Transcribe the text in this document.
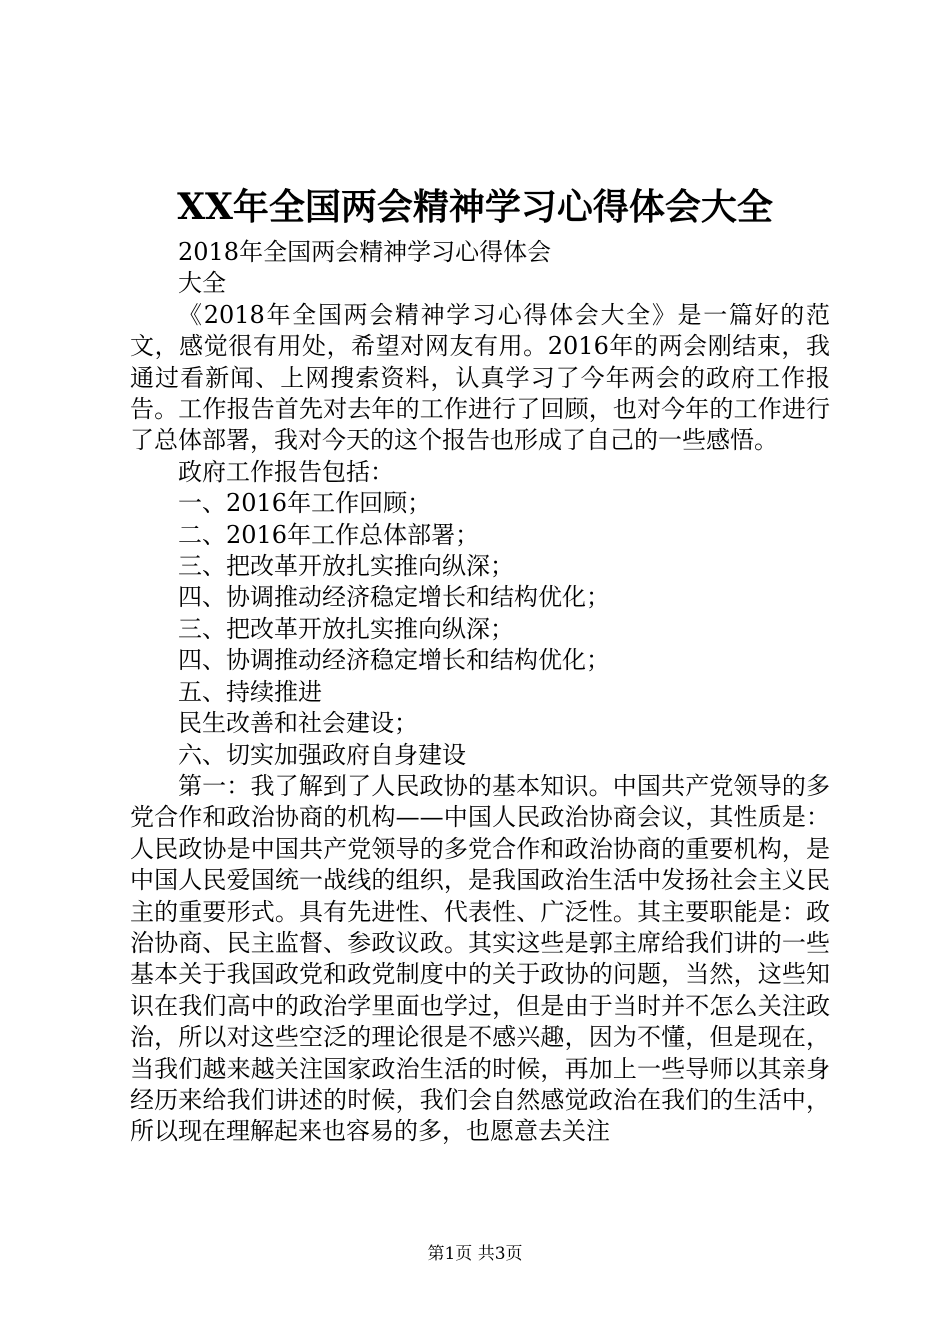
XX年全国两会精神学习心得体会大全
2018年全国两会精神学习心得体会
大全

《2018年全国两会精神学习心得体会大全》是一篇好的范文，感觉很有用处，希望对网友有用。2016年的两会刚结束，我通过看新闻、上网搜索资料，认真学习了今年两会的政府工作报告。工作报告首先对去年的工作进行了回顾，也对今年的工作进行了总体部署，我对今天的这个报告也形成了自己的一些感悟。

政府工作报告包括：
一、2016年工作回顾；
二、2016年工作总体部署；
三、把改革开放扎实推向纵深；
四、协调推动经济稳定增长和结构优化；
三、把改革开放扎实推向纵深；
四、协调推动经济稳定增长和结构优化；
五、持续推进
民生改善和社会建设；
六、切实加强政府自身建设

第一：我了解到了人民政协的基本知识。中国共产党领导的多党合作和政治协商的机构——中国人民政治协商会议，其性质是：人民政协是中国共产党领导的多党合作和政治协商的重要机构，是中国人民爱国统一战线的组织，是我国政治生活中发扬社会主义民主的重要形式。具有先进性、代表性、广泛性。其主要职能是：政治协商、民主监督、参政议政。其实这些是郭主席给我们讲的一些基本关于我国政党和政党制度中的关于政协的问题，当然，这些知识在我们高中的政治学里面也学过，但是由于当时并不怎么关注政治，所以对这些空泛的理论很是不感兴趣，因为不懂，但是现在，当我们越来越关注国家政治生活的时候，再加上一些导师以其亲身经历来给我们讲述的时候，我们会自然感觉政治在我们的生活中，所以现在理解起来也容易的多，也愿意去关注

第1页 共3页
